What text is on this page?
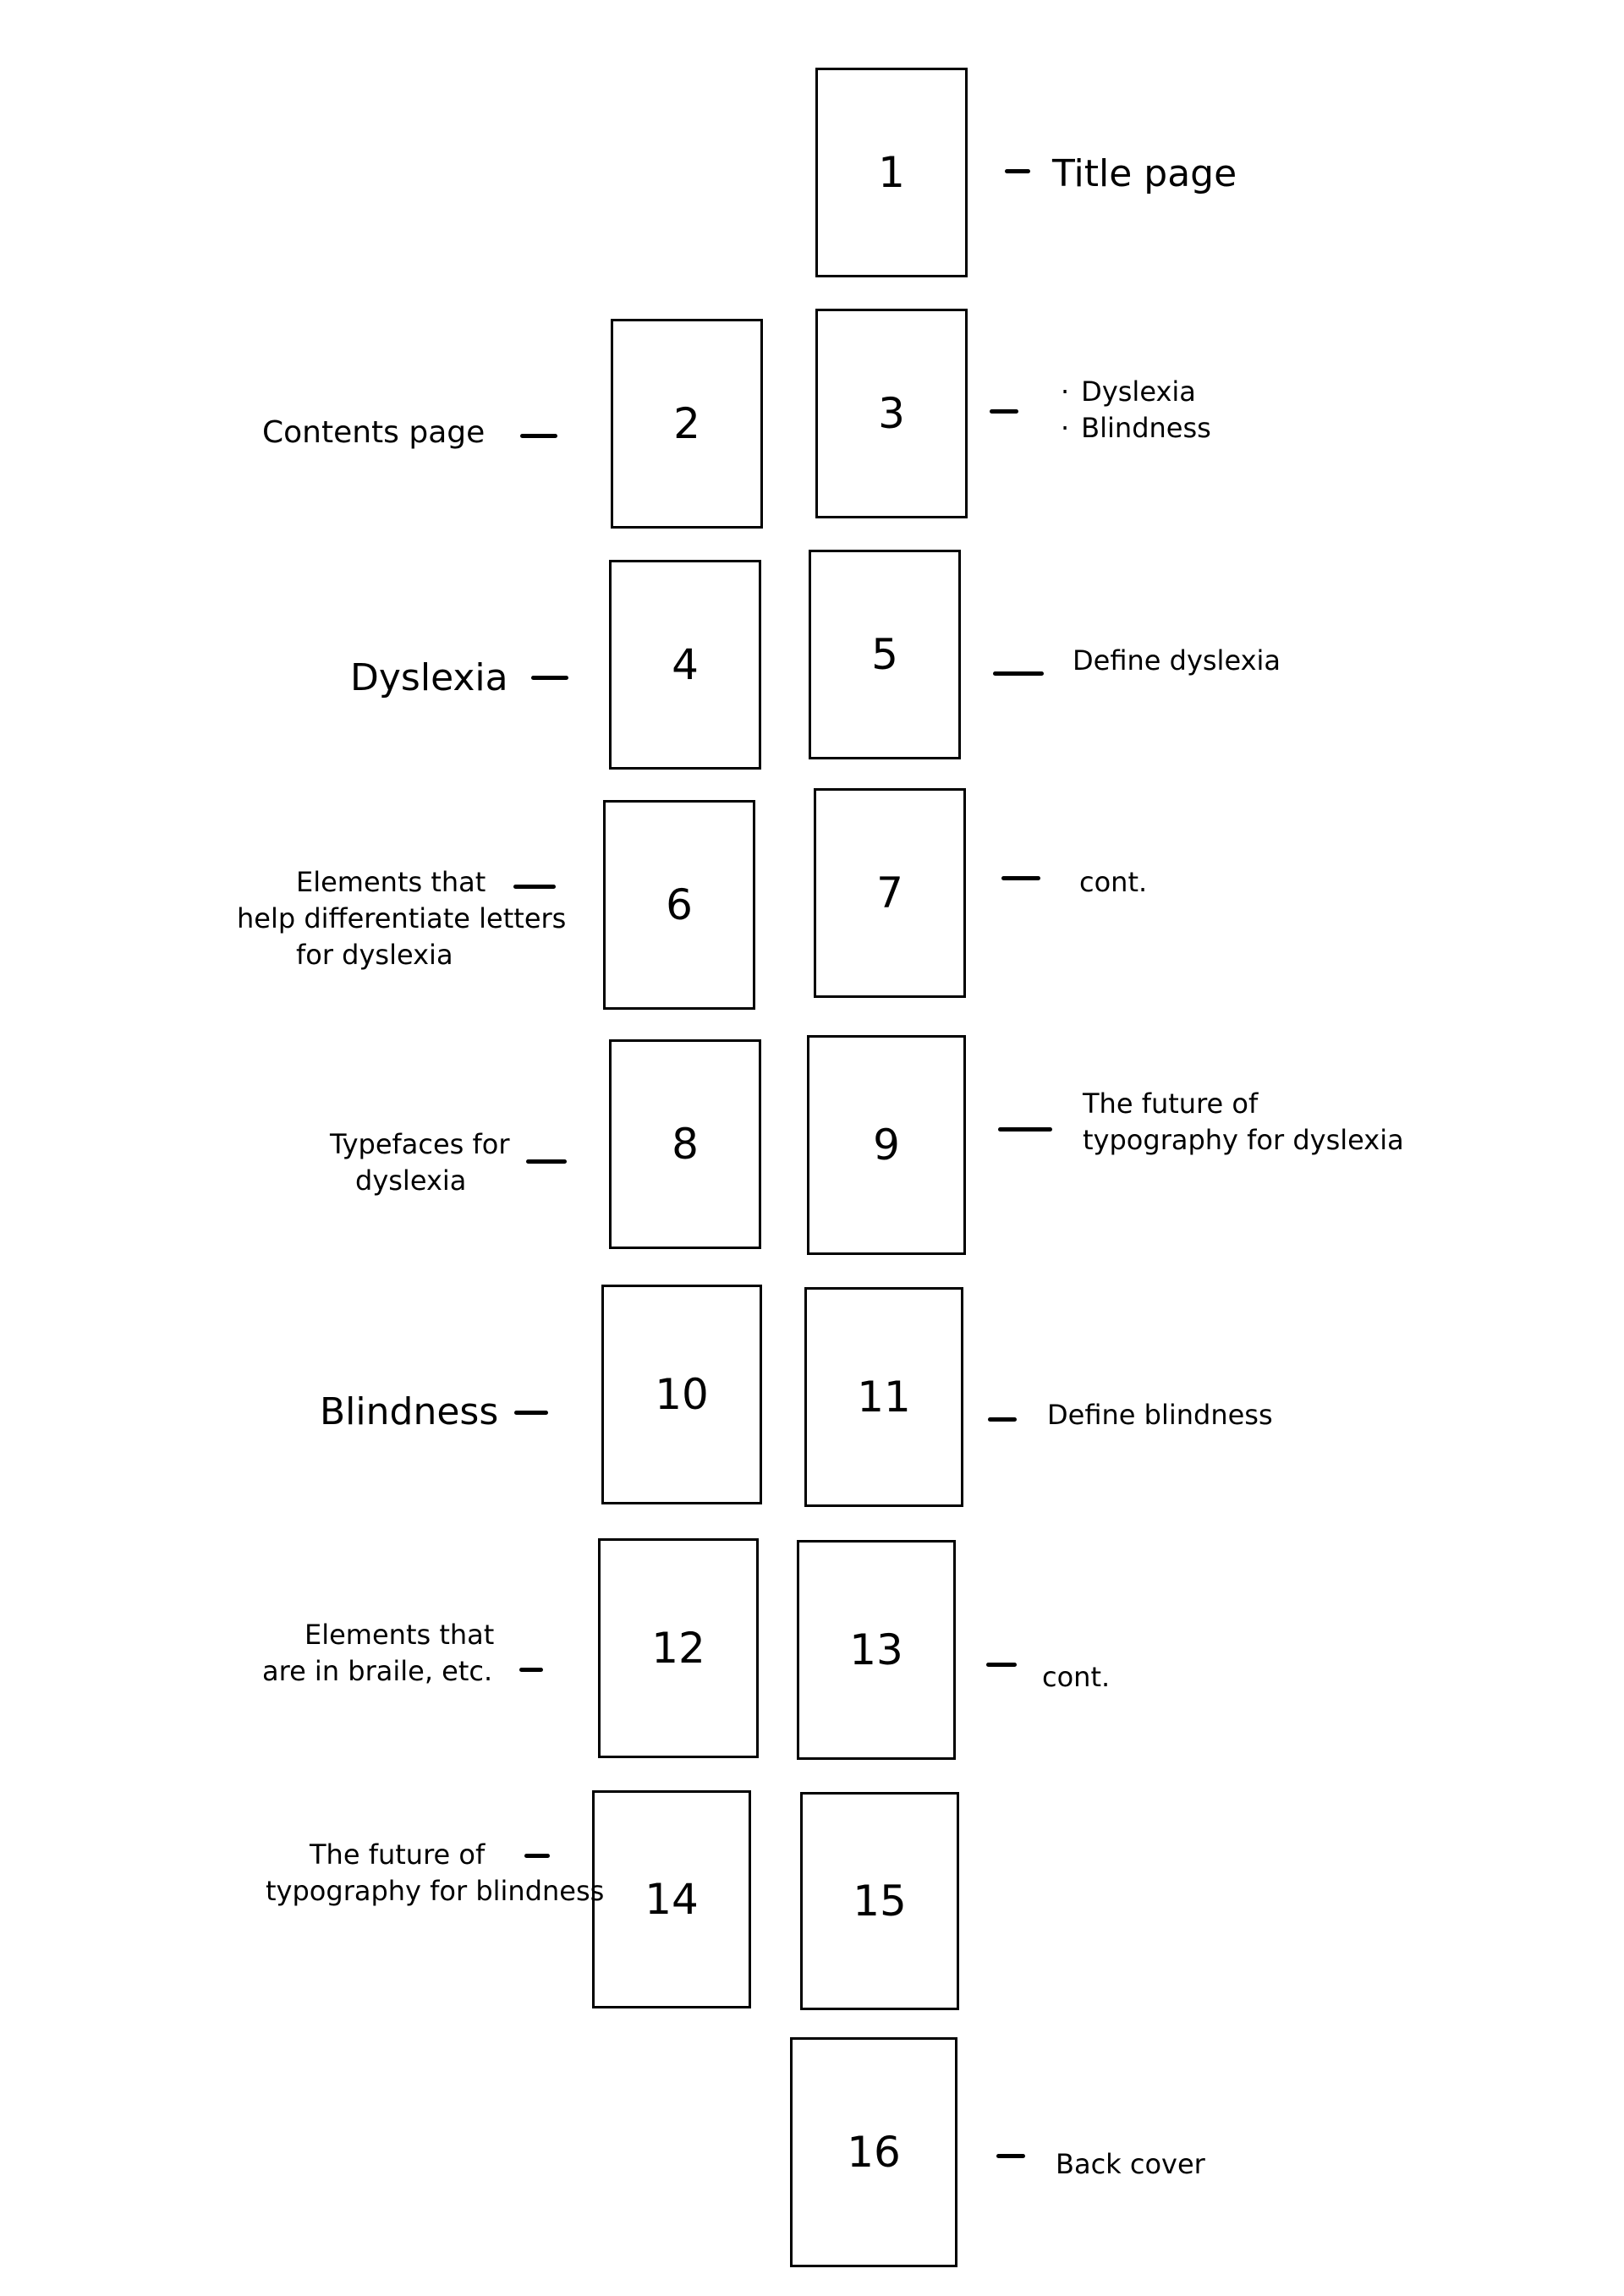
1
2	3
4	5
6	7
8	9
10	11
12	13
14	15
16
Title page
Contents page
· Dyslexia
· Blindness
Dyslexia	Define dyslexia
Elements that
help differentiate letters
for dyslexia
cont.
Typefaces for
dyslexia
The future of
typography for dyslexia
Blindness	Define blindness
Elements that
are in braile, etc.	cont.
The future of
typography for blindness
Back cover
